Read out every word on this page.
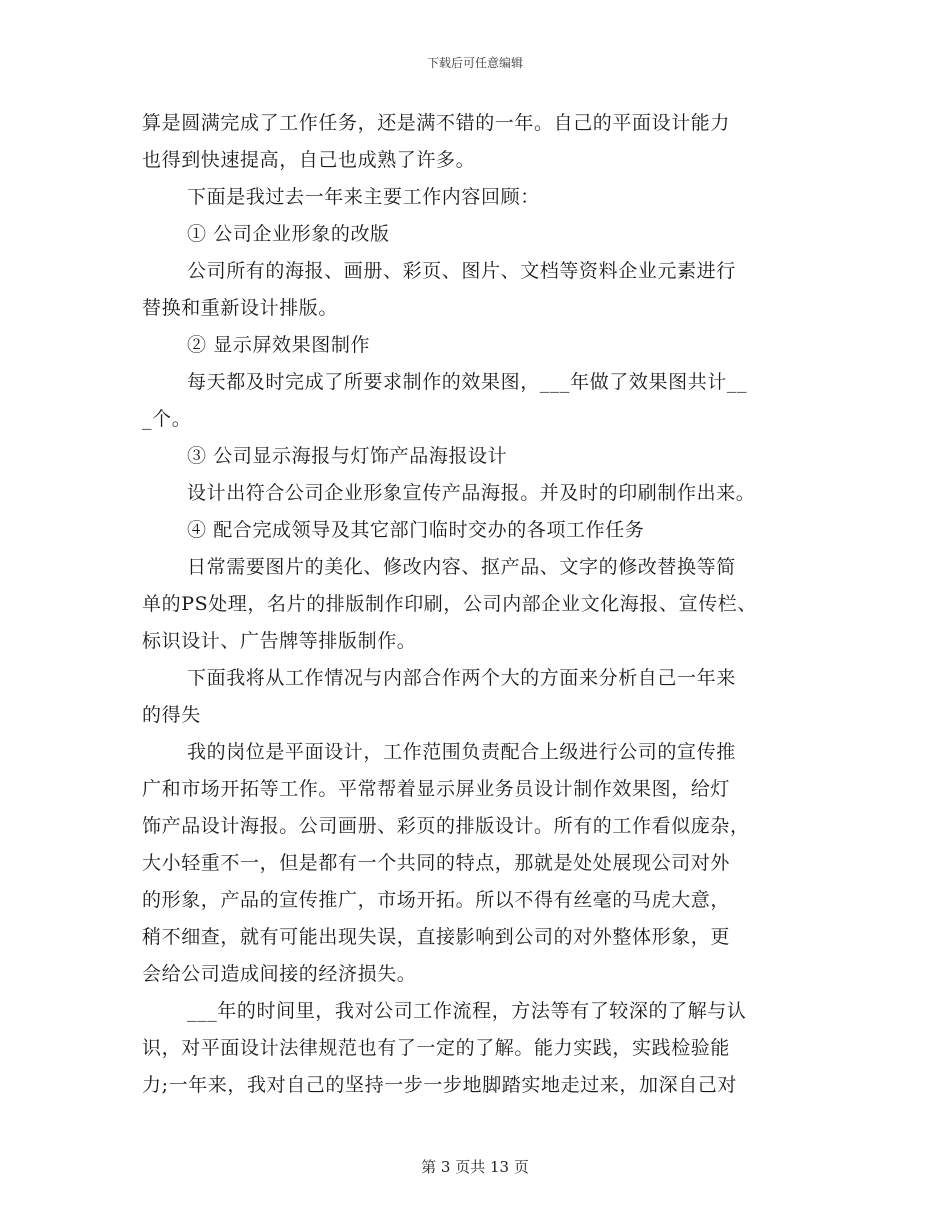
下载后可任意编辑
算是圆满完成了工作任务，还是满不错的一年。自己的平面设计能力
也得到快速提高，自己也成熟了许多。
下面是我过去一年来主要工作内容回顾：
① 公司企业形象的改版
公司所有的海报、画册、彩页、图片、文档等资料企业元素进行
替换和重新设计排版。
② 显示屏效果图制作
每天都及时完成了所要求制作的效果图，___年做了效果图共计__
_个。
③ 公司显示海报与灯饰产品海报设计
设计出符合公司企业形象宣传产品海报。并及时的印刷制作出来。
④ 配合完成领导及其它部门临时交办的各项工作任务
日常需要图片的美化、修改内容、抠产品、文字的修改替换等简
单的PS处理，名片的排版制作印刷，公司内部企业文化海报、宣传栏、
标识设计、广告牌等排版制作。
下面我将从工作情况与内部合作两个大的方面来分析自己一年来
的得失
我的岗位是平面设计，工作范围负责配合上级进行公司的宣传推
广和市场开拓等工作。平常帮着显示屏业务员设计制作效果图，给灯
饰产品设计海报。公司画册、彩页的排版设计。所有的工作看似庞杂，
大小轻重不一，但是都有一个共同的特点，那就是处处展现公司对外
的形象，产品的宣传推广，市场开拓。所以不得有丝毫的马虎大意，
稍不细查，就有可能出现失误，直接影响到公司的对外整体形象，更
会给公司造成间接的经济损失。
___年的时间里，我对公司工作流程，方法等有了较深的了解与认
识，对平面设计法律规范也有了一定的了解。能力实践，实践检验能
力;一年来，我对自己的坚持一步一步地脚踏实地走过来，加深自己对
第 3 页共 13 页
